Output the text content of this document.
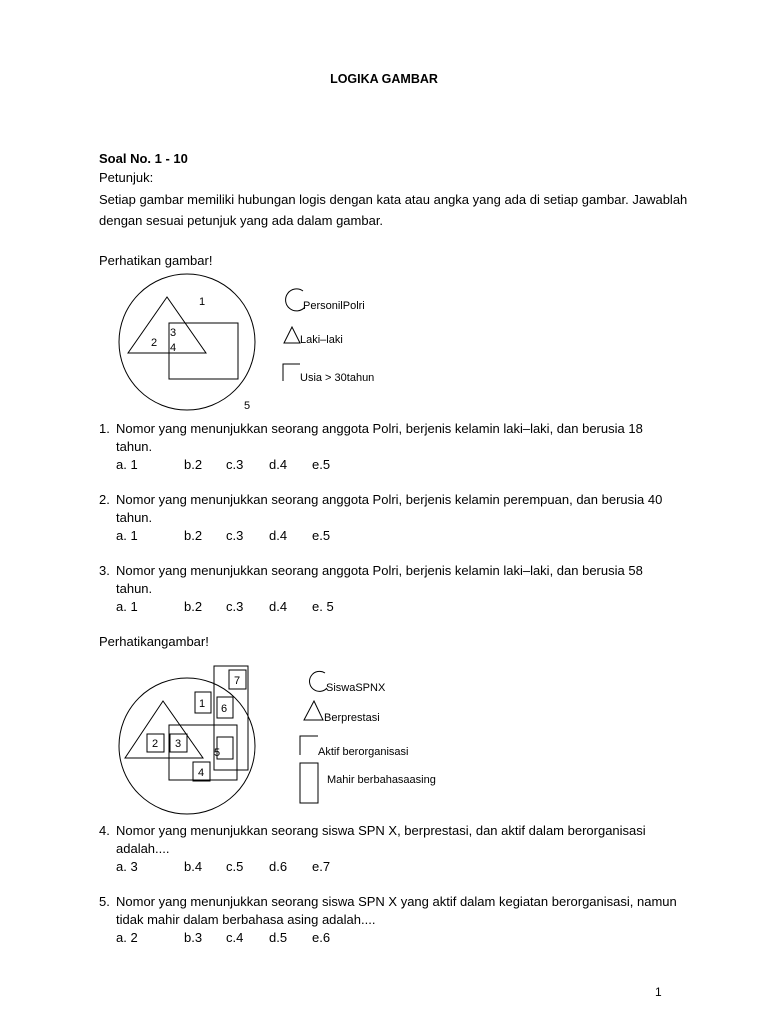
LOGIKA GAMBAR
Soal No. 1 - 10
Petunjuk:
Setiap gambar memiliki hubungan logis dengan kata atau angka yang ada di setiap gambar. Jawablah
dengan sesuai petunjuk yang ada dalam gambar.
Perhatikan gambar!
1
2
3
4
5
PersonilPolri
Laki–laki
Usia > 30tahun
7
1 6
2 3
5
4
SiswaSPNX
Berprestasi
Aktif berorganisasi
Mahir berbahasaasing
1. Nomor yang menunjukkan seorang anggota Polri, berjenis kelamin laki–laki, dan berusia 18
tahun.
a. 1	b.2 c.3 d.4 e.5
2. Nomor yang menunjukkan seorang anggota Polri, berjenis kelamin perempuan, dan berusia 40
tahun.
a. 1	b.2 c.3 d.4 e.5
3. Nomor yang menunjukkan seorang anggota Polri, berjenis kelamin laki–laki, dan berusia 58
tahun.
a. 1	b.2 c.3 d.4 e. 5
Perhatikangambar!
4. Nomor yang menunjukkan seorang siswa SPN X, berprestasi, dan aktif dalam berorganisasi
adalah....
a. 3	b.4 c.5 d.6 e.7
5. Nomor yang menunjukkan seorang siswa SPN X yang aktif dalam kegiatan berorganisasi, namun
tidak mahir dalam berbahasa asing adalah....
a. 2	b.3 c.4 d.5 e.6
1
